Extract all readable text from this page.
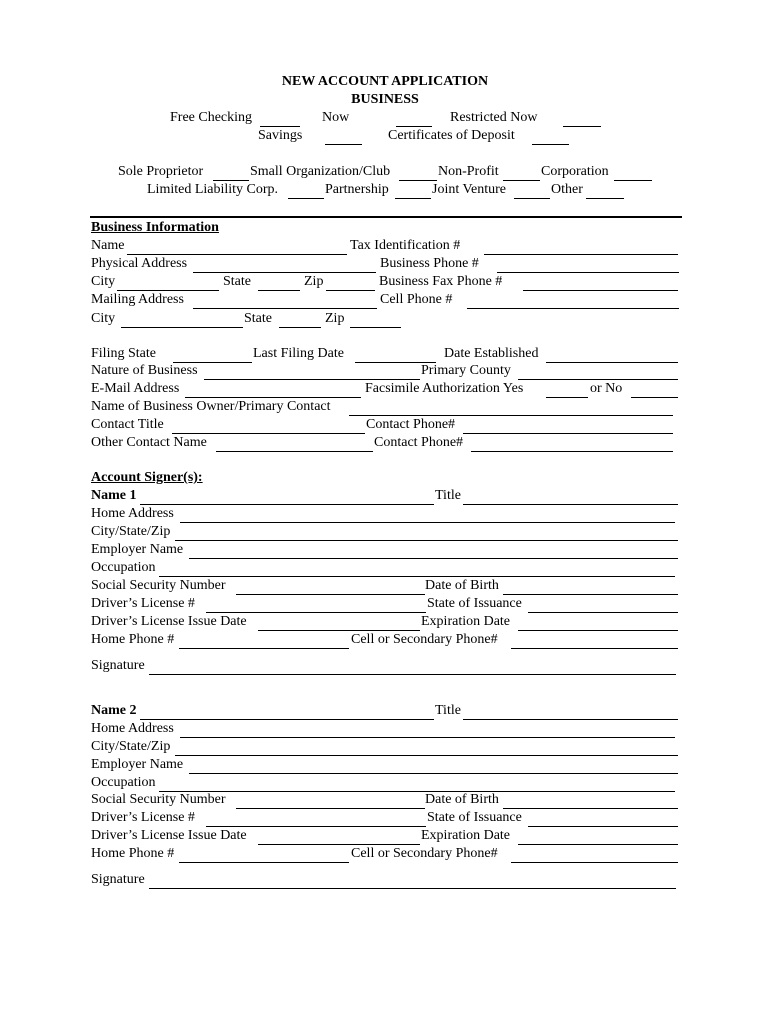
NEW ACCOUNT APPLICATION
BUSINESS
Free Checking	Now	Restricted Now
Savings	Certificates of Deposit
Sole Proprietor	Small Organization/Club	Non-Profit	Corporation
Limited Liability Corp.	Partnership	Joint Venture	Other
Business Information
Name	Tax Identification #
Physical Address	Business Phone #
City	State	Zip	Business Fax Phone #
Mailing Address	Cell Phone #
City	State	Zip
Filing State	Last Filing Date	Date Established
Nature of Business	Primary County
E-Mail Address	Facsimile Authorization Yes	or No
Name of Business Owner/Primary Contact
Contact Title	Contact Phone#
Other Contact Name	Contact Phone#
Account Signer(s):
Name 1	Title
Home Address
City/State/Zip
Employer Name
Occupation
Social Security Number	Date of Birth
Driver’s License #	State of Issuance
Driver’s License Issue Date	Expiration Date
Home Phone #	Cell or Secondary Phone#
Signature
Name 2	Title
Home Address
City/State/Zip
Employer Name
Occupation
Social Security Number	Date of Birth
Driver’s License #	State of Issuance
Driver’s License Issue Date	Expiration Date
Home Phone #	Cell or Secondary Phone#
Signature
